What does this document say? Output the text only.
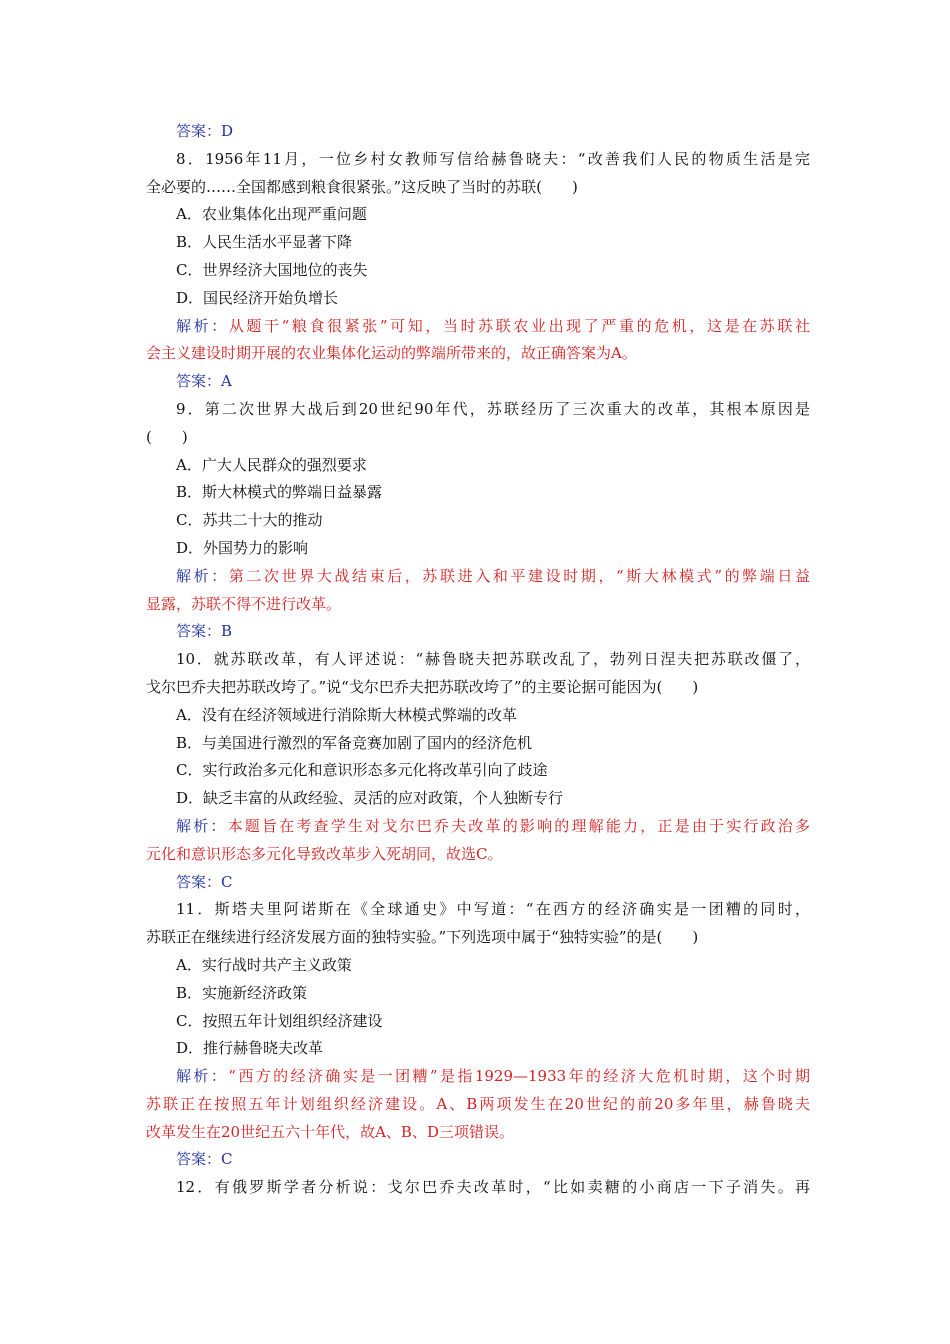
答案：D
8．1956年11月，一位乡村女教师写信给赫鲁晓夫：“改善我们人民的物质生活是完
全必要的……全国都感到粮食很紧张。”这反映了当时的苏联(　　)
A．农业集体化出现严重问题
B．人民生活水平显著下降
C．世界经济大国地位的丧失
D．国民经济开始负增长
解析：从题干“粮食很紧张”可知，当时苏联农业出现了严重的危机，这是在苏联社
会主义建设时期开展的农业集体化运动的弊端所带来的，故正确答案为A。
答案：A
9．第二次世界大战后到20世纪90年代，苏联经历了三次重大的改革，其根本原因是
(　　)
A．广大人民群众的强烈要求
B．斯大林模式的弊端日益暴露
C．苏共二十大的推动
D．外国势力的影响
解析：第二次世界大战结束后，苏联进入和平建设时期，“斯大林模式”的弊端日益
显露，苏联不得不进行改革。
答案：B
10．就苏联改革，有人评述说：“赫鲁晓夫把苏联改乱了，勃列日涅夫把苏联改僵了，
戈尔巴乔夫把苏联改垮了。”说“戈尔巴乔夫把苏联改垮了”的主要论据可能因为(　　)
A．没有在经济领域进行消除斯大林模式弊端的改革
B．与美国进行激烈的军备竞赛加剧了国内的经济危机
C．实行政治多元化和意识形态多元化将改革引向了歧途
D．缺乏丰富的从政经验、灵活的应对政策，个人独断专行
解析：本题旨在考查学生对戈尔巴乔夫改革的影响的理解能力，正是由于实行政治多
元化和意识形态多元化导致改革步入死胡同，故选C。
答案：C
11．斯塔夫里阿诺斯在《全球通史》中写道：“在西方的经济确实是一团糟的同时，
苏联正在继续进行经济发展方面的独特实验。”下列选项中属于“独特实验”的是(　　)
A．实行战时共产主义政策
B．实施新经济政策
C．按照五年计划组织经济建设
D．推行赫鲁晓夫改革
解析：“西方的经济确实是一团糟”是指1929—1933年的经济大危机时期，这个时期
苏联正在按照五年计划组织经济建设。A、B两项发生在20世纪的前20多年里，赫鲁晓夫
改革发生在20世纪五六十年代，故A、B、D三项错误。
答案：C
12．有俄罗斯学者分析说：戈尔巴乔夫改革时，“比如卖糖的小商店一下子消失。再
